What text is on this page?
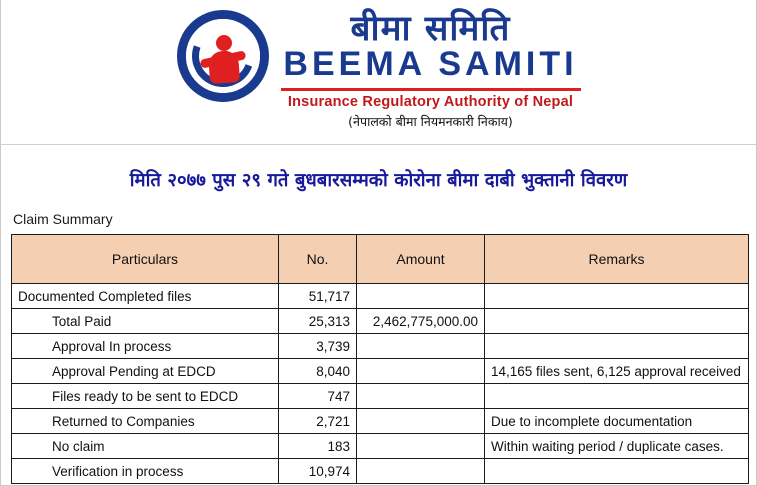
बीमा समिति
BEEMA SAMITI
Insurance Regulatory Authority of Nepal
(नेपालको बीमा नियमनकारी निकाय)
मिति २०७७ पुस २९ गते बुधबारसम्मको कोरोना बीमा दाबी भुक्तानी विवरण
Claim Summary
Particulars	No.	Amount	Remarks
Documented Completed files	51,717		
Total Paid	25,313	2,462,775,000.00	
Approval In process	3,739		
Approval Pending at EDCD	8,040		14,165 files sent, 6,125 approval received
Files ready to be sent to EDCD	747		
Returned to Companies	2,721		Due to incomplete documentation
No claim	183		Within waiting period / duplicate cases.
Verification in process	10,974		
